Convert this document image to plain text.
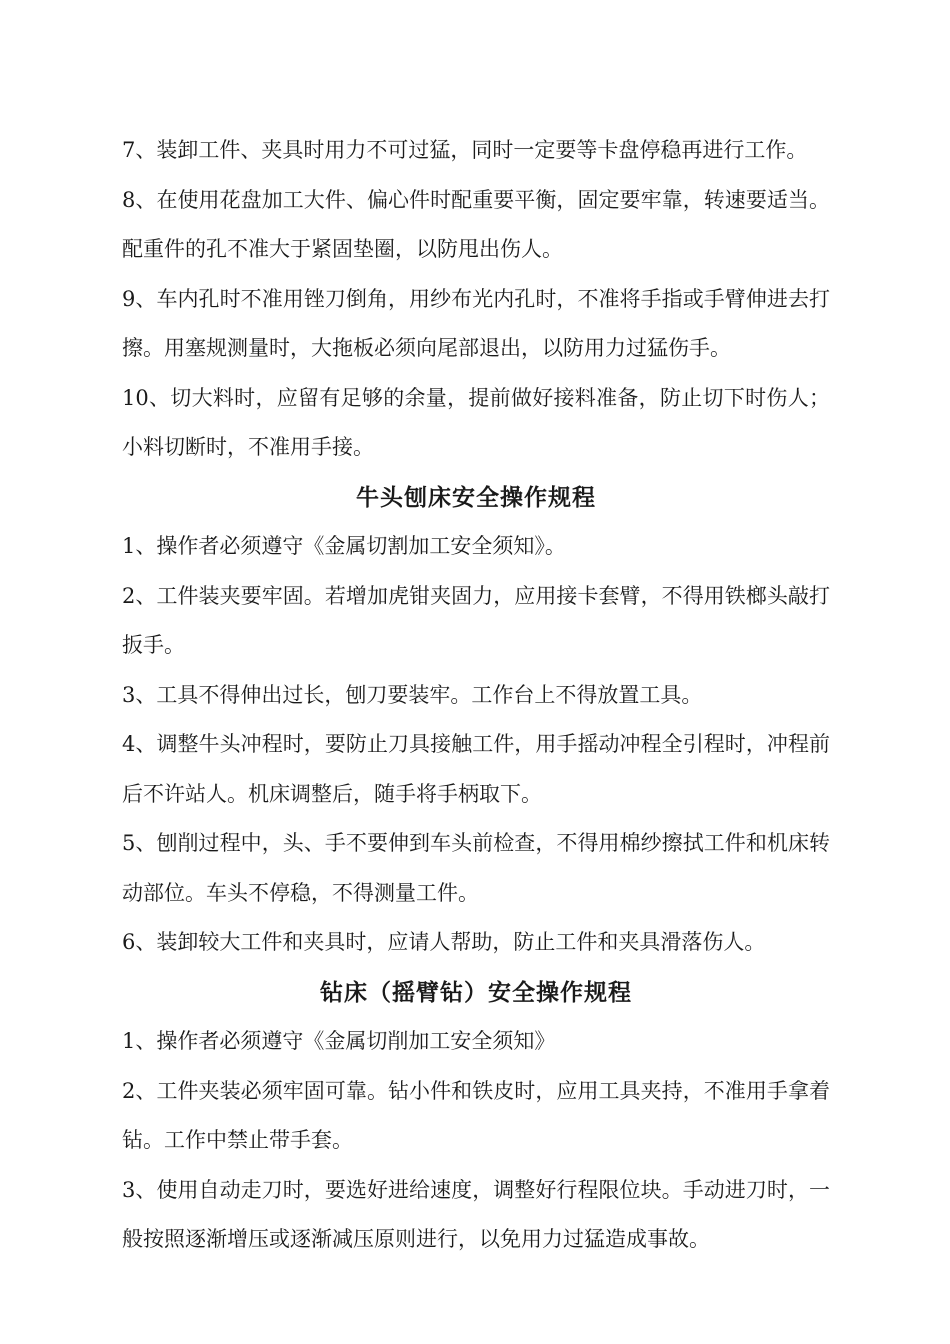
7、装卸工件、夹具时用力不可过猛，同时一定要等卡盘停稳再进行工作。

8、在使用花盘加工大件、偏心件时配重要平衡，固定要牢靠，转速要适当。配重件的孔不准大于紧固垫圈，以防甩出伤人。

9、车内孔时不准用锉刀倒角，用纱布光内孔时，不准将手指或手臂伸进去打擦。用塞规测量时，大拖板必须向尾部退出，以防用力过猛伤手。

10、切大料时，应留有足够的余量，提前做好接料准备，防止切下时伤人；小料切断时，不准用手接。

牛头刨床安全操作规程

1、操作者必须遵守《金属切割加工安全须知》。

2、工件装夹要牢固。若增加虎钳夹固力，应用接卡套臂，不得用铁榔头敲打扳手。

3、工具不得伸出过长，刨刀要装牢。工作台上不得放置工具。

4、调整牛头冲程时，要防止刀具接触工件，用手摇动冲程全引程时，冲程前后不许站人。机床调整后，随手将手柄取下。

5、刨削过程中，头、手不要伸到车头前检查，不得用棉纱擦拭工件和机床转动部位。车头不停稳，不得测量工件。

6、装卸较大工件和夹具时，应请人帮助，防止工件和夹具滑落伤人。

钻床（摇臂钻）安全操作规程

1、操作者必须遵守《金属切削加工安全须知》

2、工件夹装必须牢固可靠。钻小件和铁皮时，应用工具夹持，不准用手拿着钻。工作中禁止带手套。

3、使用自动走刀时，要选好进给速度，调整好行程限位块。手动进刀时，一般按照逐渐增压或逐渐减压原则进行，以免用力过猛造成事故。
